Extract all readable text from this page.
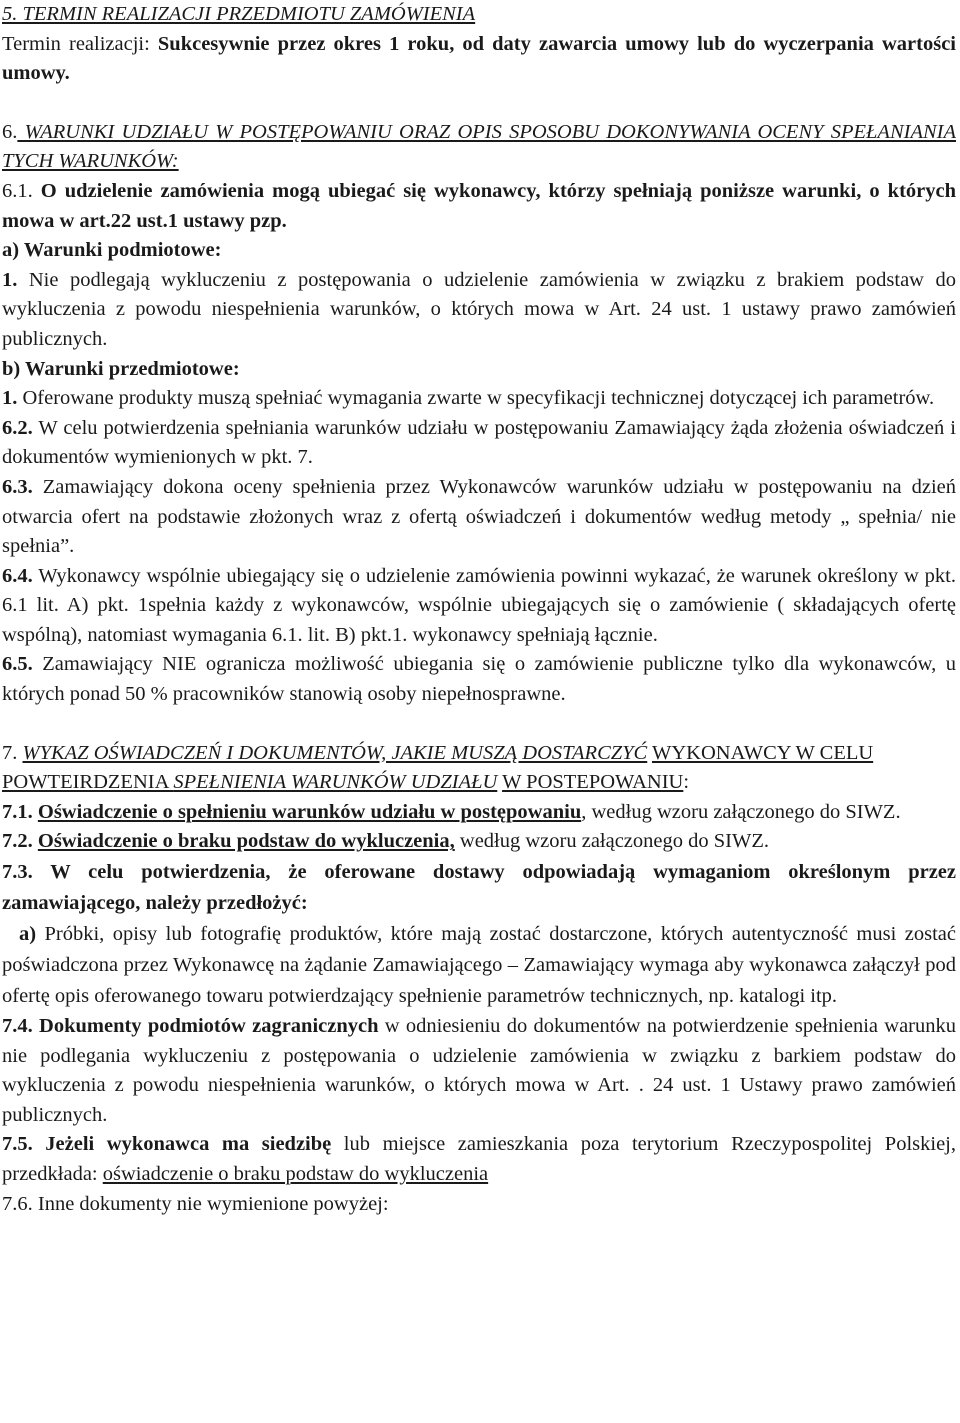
5. TERMIN REALIZACJI PRZEDMIOTU ZAMÓWIENIA

Termin realizacji: Sukcesywnie przez okres 1 roku, od daty zawarcia umowy lub do wyczerpania wartości umowy.

6. WARUNKI UDZIAŁU W POSTĘPOWANIU ORAZ OPIS SPOSOBU DOKONYWANIA OCENY SPEŁANIANIA TYCH WARUNKÓW:

6.1. O udzielenie zamówienia mogą ubiegać się wykonawcy, którzy spełniają poniższe warunki, o których mowa w art.22 ust.1 ustawy pzp.

a) Warunki podmiotowe:

1. Nie podlegają wykluczeniu z postępowania o udzielenie zamówienia w związku z brakiem podstaw do wykluczenia z powodu niespełnienia warunków, o których mowa w Art. 24 ust. 1 ustawy prawo zamówień publicznych.

b) Warunki przedmiotowe:

1. Oferowane produkty muszą spełniać wymagania zwarte w specyfikacji technicznej dotyczącej ich parametrów.

6.2. W celu potwierdzenia spełniania warunków udziału w postępowaniu Zamawiający żąda złożenia oświadczeń i dokumentów wymienionych w pkt. 7.

6.3. Zamawiający dokona oceny spełnienia przez Wykonawców warunków udziału w postępowaniu na dzień otwarcia ofert na podstawie złożonych wraz z ofertą oświadczeń i dokumentów według metody „ spełnia/ nie spełnia”.

6.4. Wykonawcy wspólnie ubiegający się o udzielenie zamówienia powinni wykazać, że warunek określony w pkt. 6.1 lit. A) pkt. 1spełnia każdy z wykonawców, wspólnie ubiegających się o zamówienie ( składających ofertę wspólną), natomiast wymagania 6.1. lit. B) pkt.1. wykonawcy spełniają łącznie.

6.5. Zamawiający NIE ogranicza możliwość ubiegania się o zamówienie publiczne tylko dla wykonawców, u których ponad 50 % pracowników stanowią osoby niepełnosprawne.

7. WYKAZ OŚWIADCZEŃ I DOKUMENTÓW, JAKIE MUSZĄ DOSTARCZYĆ WYKONAWCY W CELU POWTEIRDZENIA SPEŁNIENIA WARUNKÓW UDZIAŁU W POSTEPOWANIU:

7.1. Oświadczenie o spełnieniu warunków udziału w postępowaniu, według wzoru załączonego do SIWZ.

7.2. Oświadczenie o braku podstaw do wykluczenia, według wzoru załączonego do SIWZ.

7.3. W celu potwierdzenia, że oferowane dostawy odpowiadają wymaganiom określonym przez zamawiającego, należy przedłożyć:

a) Próbki, opisy lub fotografię produktów, które mają zostać dostarczone, których autentyczność musi zostać poświadczona przez Wykonawcę na żądanie Zamawiającego – Zamawiający wymaga aby wykonawca załączył pod ofertę opis oferowanego towaru potwierdzający spełnienie parametrów technicznych, np. katalogi itp.

7.4. Dokumenty podmiotów zagranicznych w odniesieniu do dokumentów na potwierdzenie spełnienia warunku nie podlegania wykluczeniu z postępowania o udzielenie zamówienia w związku z barkiem podstaw do wykluczenia z powodu niespełnienia warunków, o których mowa w Art. . 24 ust. 1 Ustawy prawo zamówień publicznych.

7.5. Jeżeli wykonawca ma siedzibę lub miejsce zamieszkania poza terytorium Rzeczypospolitej Polskiej, przedkłada: oświadczenie o braku podstaw do wykluczenia

7.6. Inne dokumenty nie wymienione powyżej:
